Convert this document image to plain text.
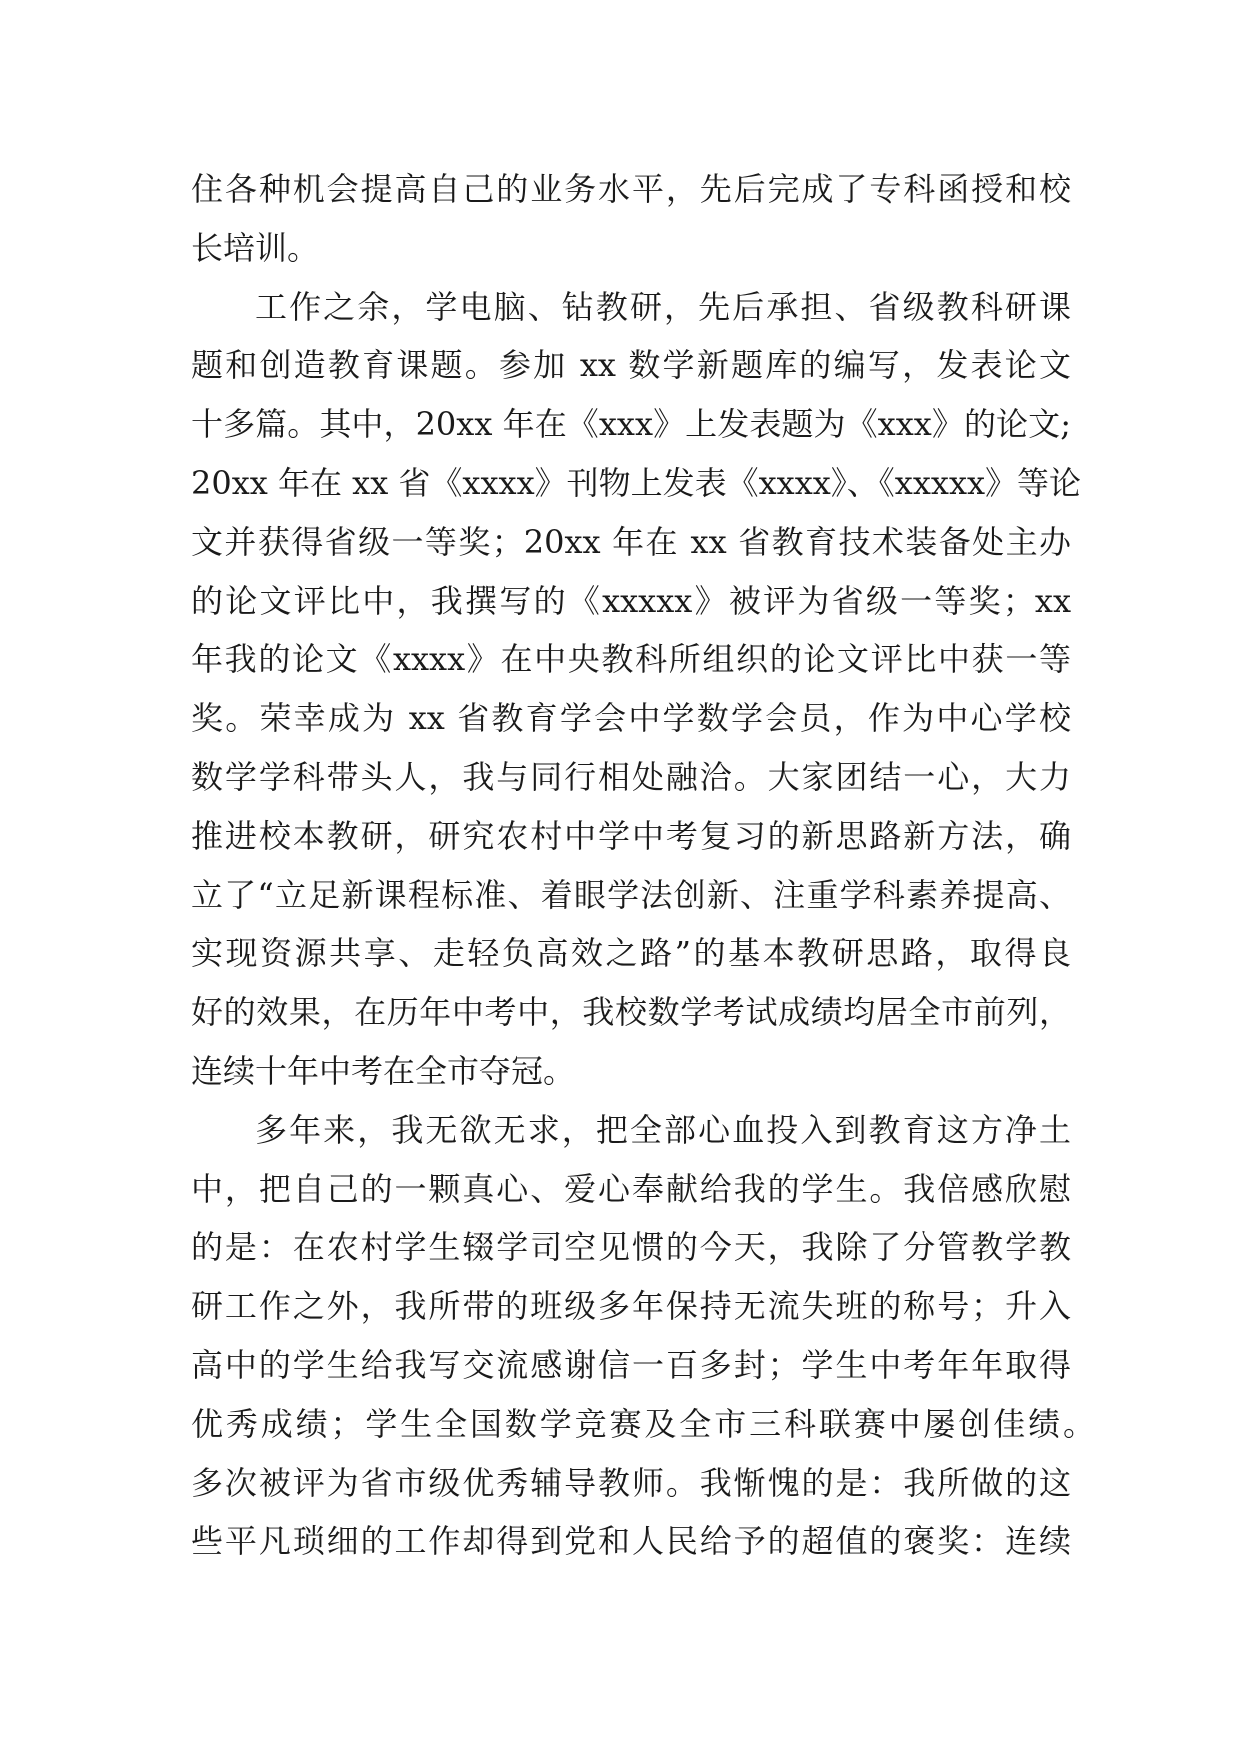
住各种机会提高自己的业务水平，先后完成了专科函授和校
长培训。
工作之余，学电脑、钻教研，先后承担、省级教科研课
题和创造教育课题。参加 xx 数学新题库的编写，发表论文
十多篇。其中，20xx 年在《xxx》上发表题为《xxx》的论文;
20xx 年在 xx 省《xxxx》刊物上发表《xxxx》、《xxxxx》等论
文并获得省级一等奖；20xx 年在 xx 省教育技术装备处主办
的论文评比中，我撰写的《xxxxx》被评为省级一等奖；xx
年我的论文《xxxx》在中央教科所组织的论文评比中获一等
奖。荣幸成为 xx 省教育学会中学数学会员，作为中心学校
数学学科带头人，我与同行相处融洽。大家团结一心，大力
推进校本教研，研究农村中学中考复习的新思路新方法，确
立了“立足新课程标准、着眼学法创新、注重学科素养提高、
实现资源共享、走轻负高效之路”的基本教研思路，取得良
好的效果，在历年中考中，我校数学考试成绩均居全市前列，
连续十年中考在全市夺冠。
多年来，我无欲无求，把全部心血投入到教育这方净土
中，把自己的一颗真心、爱心奉献给我的学生。我倍感欣慰
的是：在农村学生辍学司空见惯的今天，我除了分管教学教
研工作之外，我所带的班级多年保持无流失班的称号；升入
高中的学生给我写交流感谢信一百多封；学生中考年年取得
优秀成绩；学生全国数学竞赛及全市三科联赛中屡创佳绩。
多次被评为省市级优秀辅导教师。我惭愧的是：我所做的这
些平凡琐细的工作却得到党和人民给予的超值的褒奖：连续
